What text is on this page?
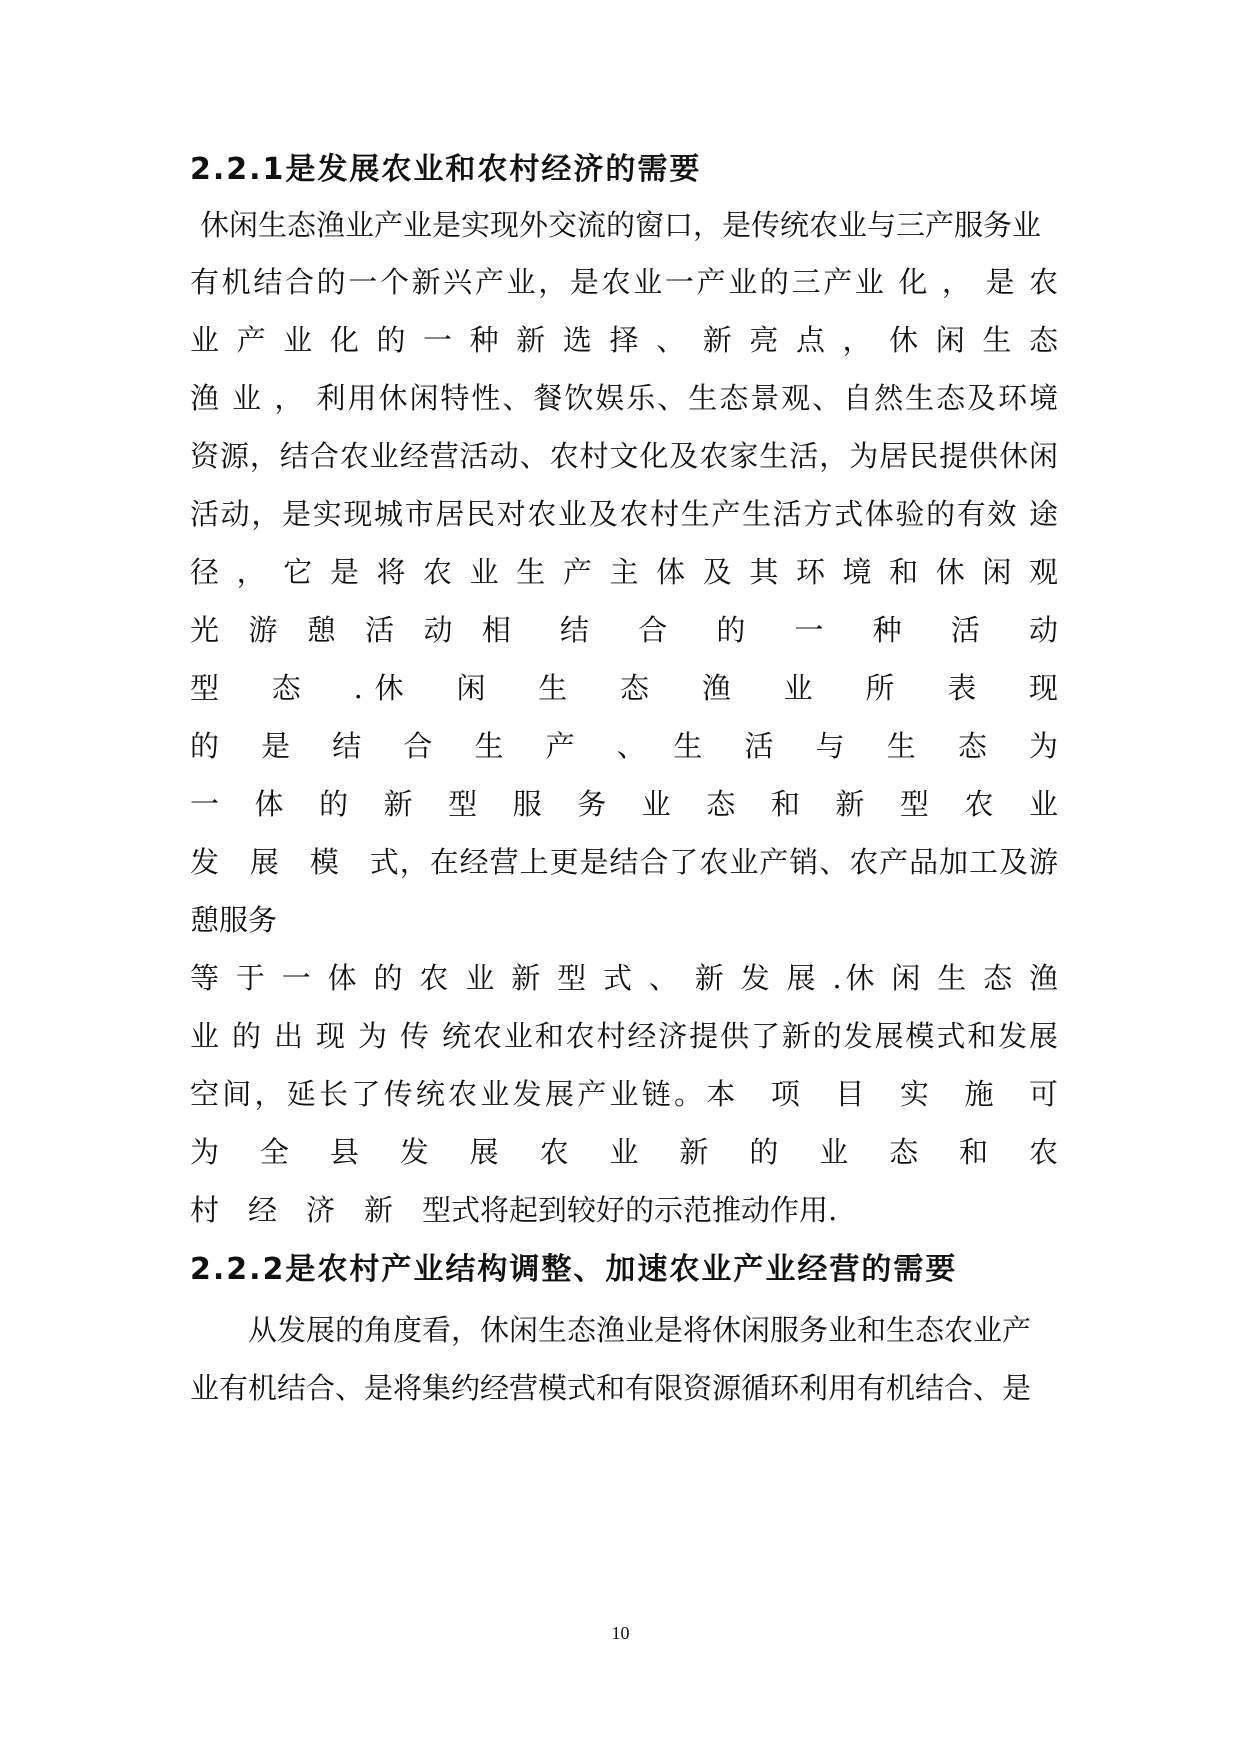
2.2.1是发展农业和农村经济的需要
休闲生态渔业产业是实现外交流的窗口，是传统农业与三产服务业
有机结合的一个新兴产业，是农业一产业的三产业 化 ， 是 农
业 产 业 化 的 一 种 新 选 择 、 新 亮 点 ， 休 闲 生 态
渔 业 ， 利用休闲特性、餐饮娱乐、生态景观、自然生态及环境
资源，结合农业经营活动、农村文化及农家生活，为居民提供休闲
活动，是实现城市居民对农业及农村生产生活方式体验的有效 途
径 ， 它 是 将 农 业 生 产 主 体 及 其 环 境 和 休 闲 观
光 游 憩 活 动 相　结　合　的　一　种　活　动
型　态　.休　闲　生　态　渔　业　所　表　现
的　是　结　合　生　产　、　生　活　与　生　态　为
一　体　的　新　型　服　务　业　态　和　新　型　农　业
发　展　模　式，在经营上更是结合了农业产销、农产品加工及游
憩服务
等 于 一 体 的 农 业 新 型 式 、 新 发 展 .休 闲 生 态 渔
业 的 出 现 为 传 统农业和农村经济提供了新的发展模式和发展
空间，延长了传统农业发展产业链。本　项　目　实　施　可
为　全　县　发　展　农　业　新　的　业　态　和　农
村　经　济　新　型式将起到较好的示范推动作用.
2.2.2是农村产业结构调整、加速农业产业经营的需要
从发展的角度看，休闲生态渔业是将休闲服务业和生态农业产
业有机结合、是将集约经营模式和有限资源循环利用有机结合、是
10
